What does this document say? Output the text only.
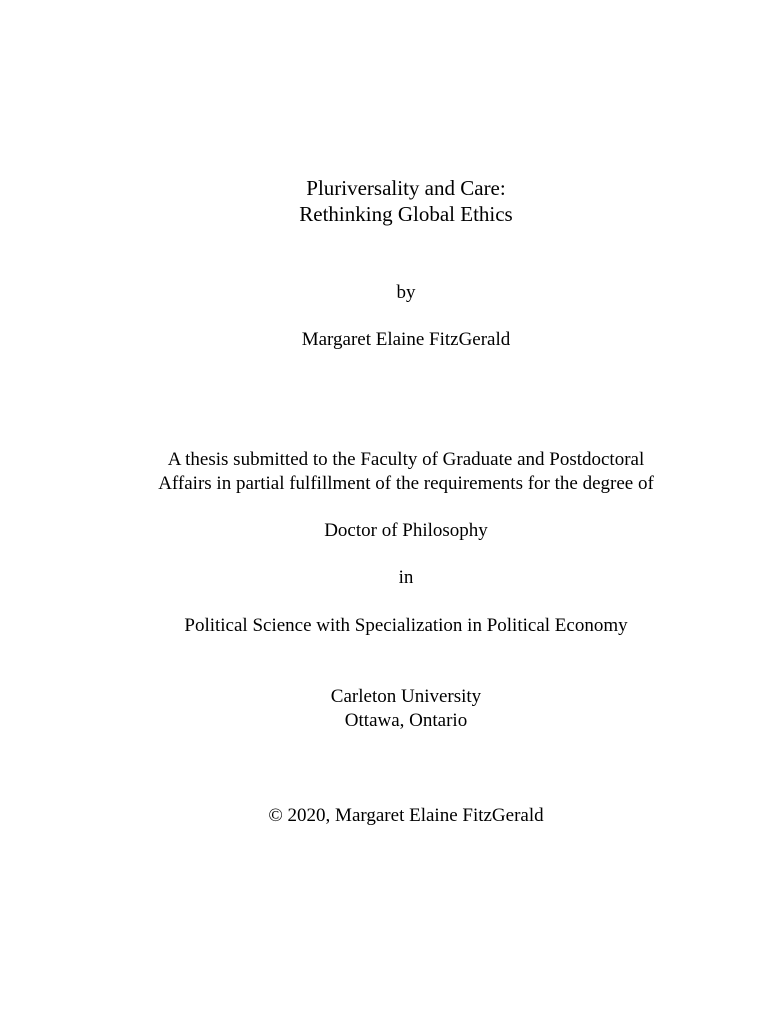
Pluriversality and Care:
Rethinking Global Ethics
by
Margaret Elaine FitzGerald
A thesis submitted to the Faculty of Graduate and Postdoctoral
Affairs in partial fulfillment of the requirements for the degree of
Doctor of Philosophy
in
Political Science with Specialization in Political Economy
Carleton University
Ottawa, Ontario
© 2020, Margaret Elaine FitzGerald
